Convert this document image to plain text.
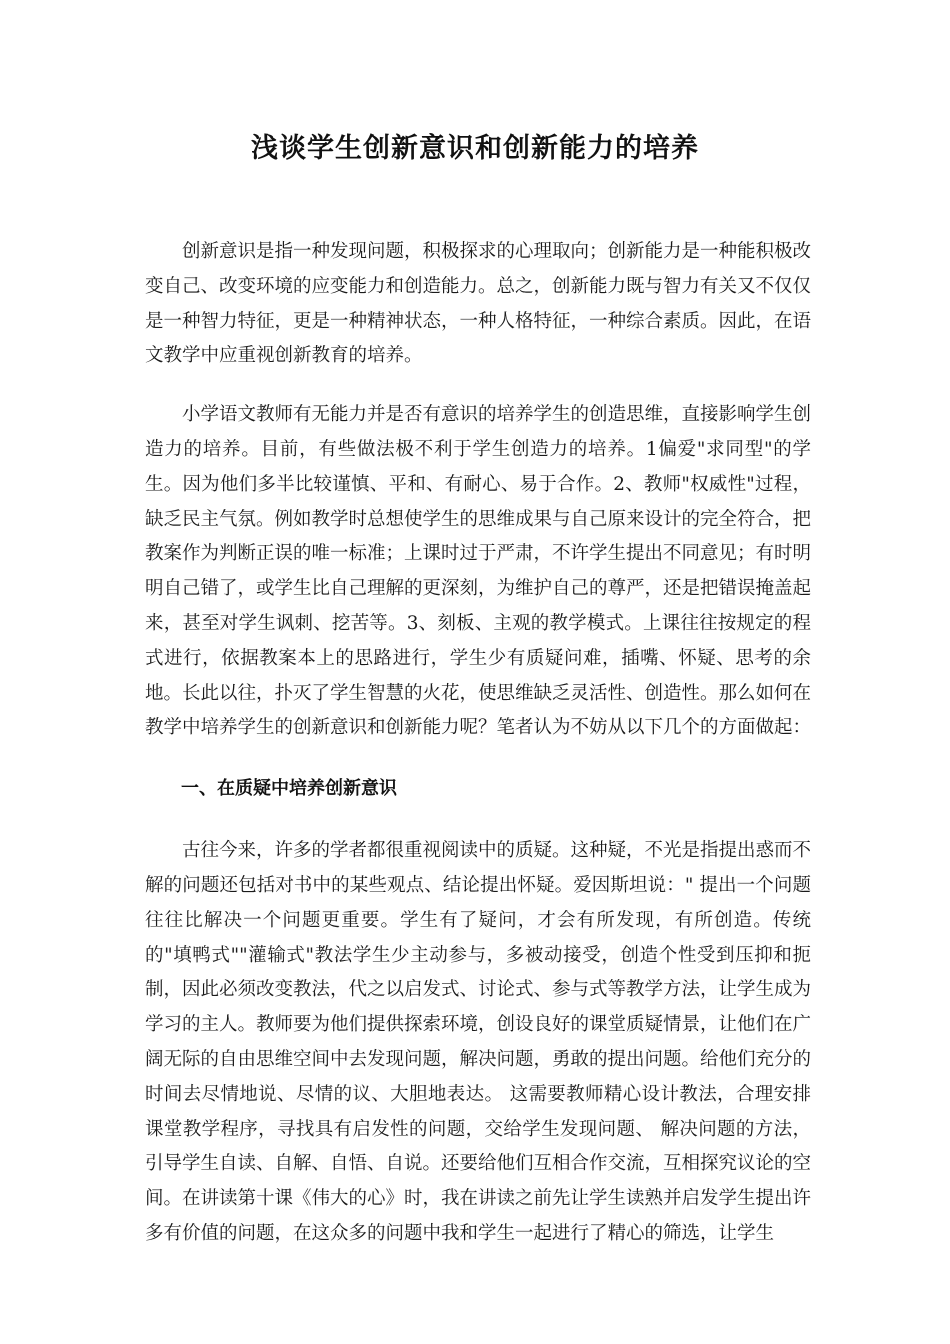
浅谈学生创新意识和创新能力的培养

创新意识是指一种发现问题，积极探求的心理取向；创新能力是一种能积极改变自己、改变环境的应变能力和创造能力。总之，创新能力既与智力有关又不仅仅是一种智力特征，更是一种精神状态，一种人格特征，一种综合素质。因此，在语文教学中应重视创新教育的培养。

小学语文教师有无能力并是否有意识的培养学生的创造思维，直接影响学生创造力的培养。目前，有些做法极不利于学生创造力的培养。1偏爱"求同型"的学生。因为他们多半比较谨慎、平和、有耐心、易于合作。2、教师"权威性"过程，缺乏民主气氛。例如教学时总想使学生的思维成果与自己原来设计的完全符合，把教案作为判断正误的唯一标准；上课时过于严肃，不许学生提出不同意见；有时明明自己错了，或学生比自己理解的更深刻，为维护自己的尊严，还是把错误掩盖起来，甚至对学生讽刺、挖苦等。3、刻板、主观的教学模式。上课往往按规定的程式进行，依据教案本上的思路进行，学生少有质疑问难，插嘴、怀疑、思考的余地。长此以往，扑灭了学生智慧的火花，使思维缺乏灵活性、创造性。那么如何在教学中培养学生的创新意识和创新能力呢？笔者认为不妨从以下几个的方面做起：

一、在质疑中培养创新意识

古往今来，许多的学者都很重视阅读中的质疑。这种疑，不光是指提出惑而不解的问题还包括对书中的某些观点、结论提出怀疑。爱因斯坦说：" 提出一个问题往往比解决一个问题更重要。学生有了疑问，才会有所发现，有所创造。传统的"填鸭式""灌输式"教法学生少主动参与，多被动接受，创造个性受到压抑和扼制，因此必须改变教法，代之以启发式、讨论式、参与式等教学方法，让学生成为学习的主人。教师要为他们提供探索环境，创设良好的课堂质疑情景，让他们在广阔无际的自由思维空间中去发现问题，解决问题，勇敢的提出问题。给他们充分的时间去尽情地说、尽情的议、大胆地表达。 这需要教师精心设计教法，合理安排课堂教学程序，寻找具有启发性的问题，交给学生发现问题、 解决问题的方法，引导学生自读、自解、自悟、自说。还要给他们互相合作交流，互相探究议论的空间。在讲读第十课《伟大的心》时，我在讲读之前先让学生读熟并启发学生提出许多有价值的问题，在这众多的问题中我和学生一起进行了精心的筛选，让学生
